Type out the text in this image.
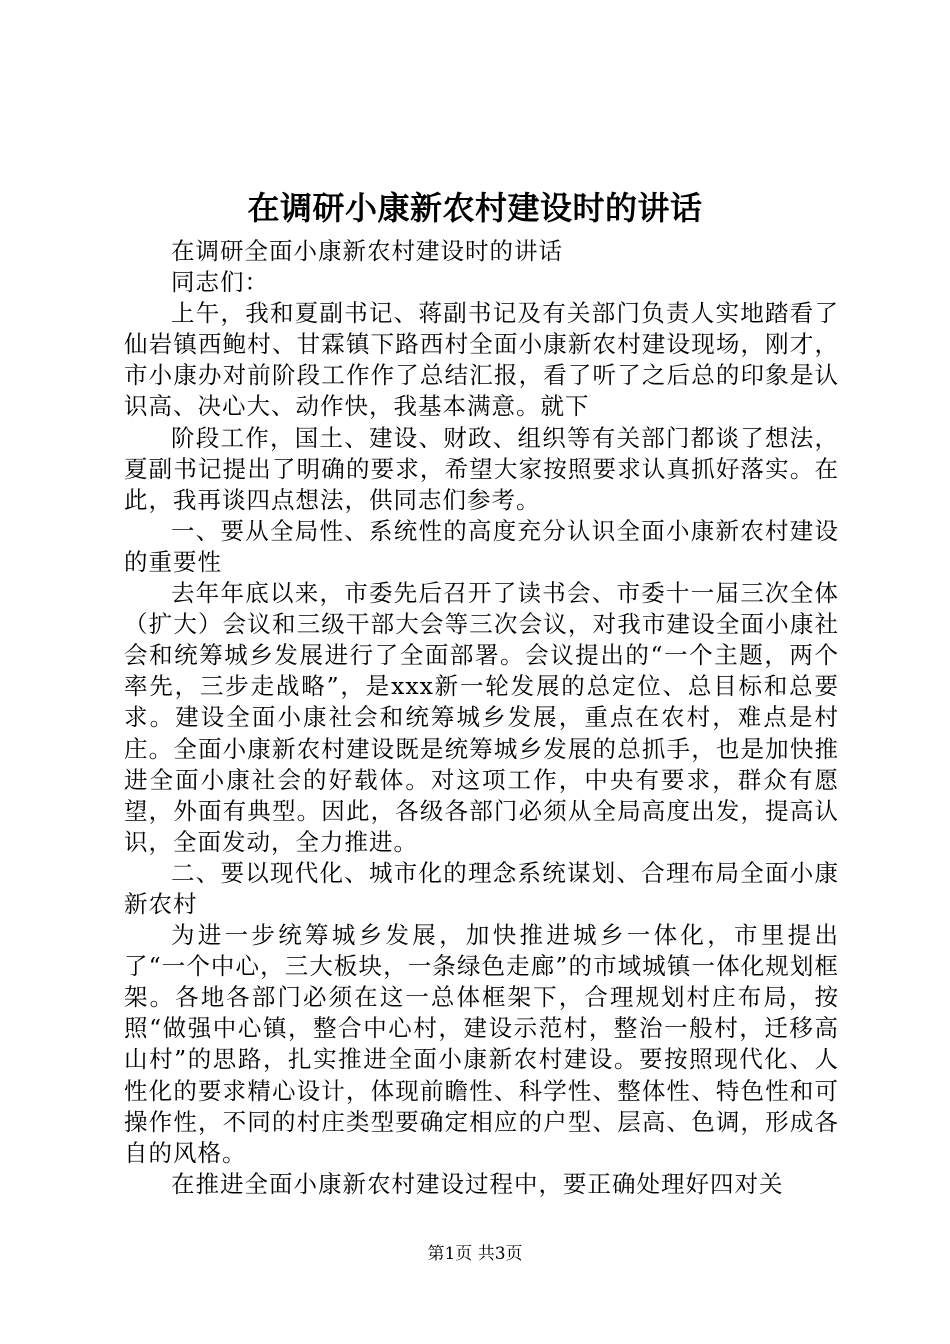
在调研小康新农村建设时的讲话

在调研全面小康新农村建设时的讲话

同志们：

上午，我和夏副书记、蒋副书记及有关部门负责人实地踏看了仙岩镇西鲍村、甘霖镇下路西村全面小康新农村建设现场，刚才，市小康办对前阶段工作作了总结汇报，看了听了之后总的印象是认识高、决心大、动作快，我基本满意。就下

阶段工作，国土、建设、财政、组织等有关部门都谈了想法，夏副书记提出了明确的要求，希望大家按照要求认真抓好落实。在此，我再谈四点想法，供同志们参考。

一、要从全局性、系统性的高度充分认识全面小康新农村建设的重要性

去年年底以来，市委先后召开了读书会、市委十一届三次全体（扩大）会议和三级干部大会等三次会议，对我市建设全面小康社会和统筹城乡发展进行了全面部署。会议提出的“一个主题，两个率先，三步走战略”，是xxx新一轮发展的总定位、总目标和总要求。建设全面小康社会和统筹城乡发展，重点在农村，难点是村庄。全面小康新农村建设既是统筹城乡发展的总抓手，也是加快推进全面小康社会的好载体。对这项工作，中央有要求，群众有愿望，外面有典型。因此，各级各部门必须从全局高度出发，提高认识，全面发动，全力推进。

二、要以现代化、城市化的理念系统谋划、合理布局全面小康新农村

为进一步统筹城乡发展，加快推进城乡一体化，市里提出了“一个中心，三大板块，一条绿色走廊”的市域城镇一体化规划框架。各地各部门必须在这一总体框架下，合理规划村庄布局，按照“做强中心镇，整合中心村，建设示范村，整治一般村，迁移高山村”的思路，扎实推进全面小康新农村建设。要按照现代化、人性化的要求精心设计，体现前瞻性、科学性、整体性、特色性和可操作性，不同的村庄类型要确定相应的户型、层高、色调，形成各自的风格。

在推进全面小康新农村建设过程中，要正确处理好四对关

第1页 共3页
